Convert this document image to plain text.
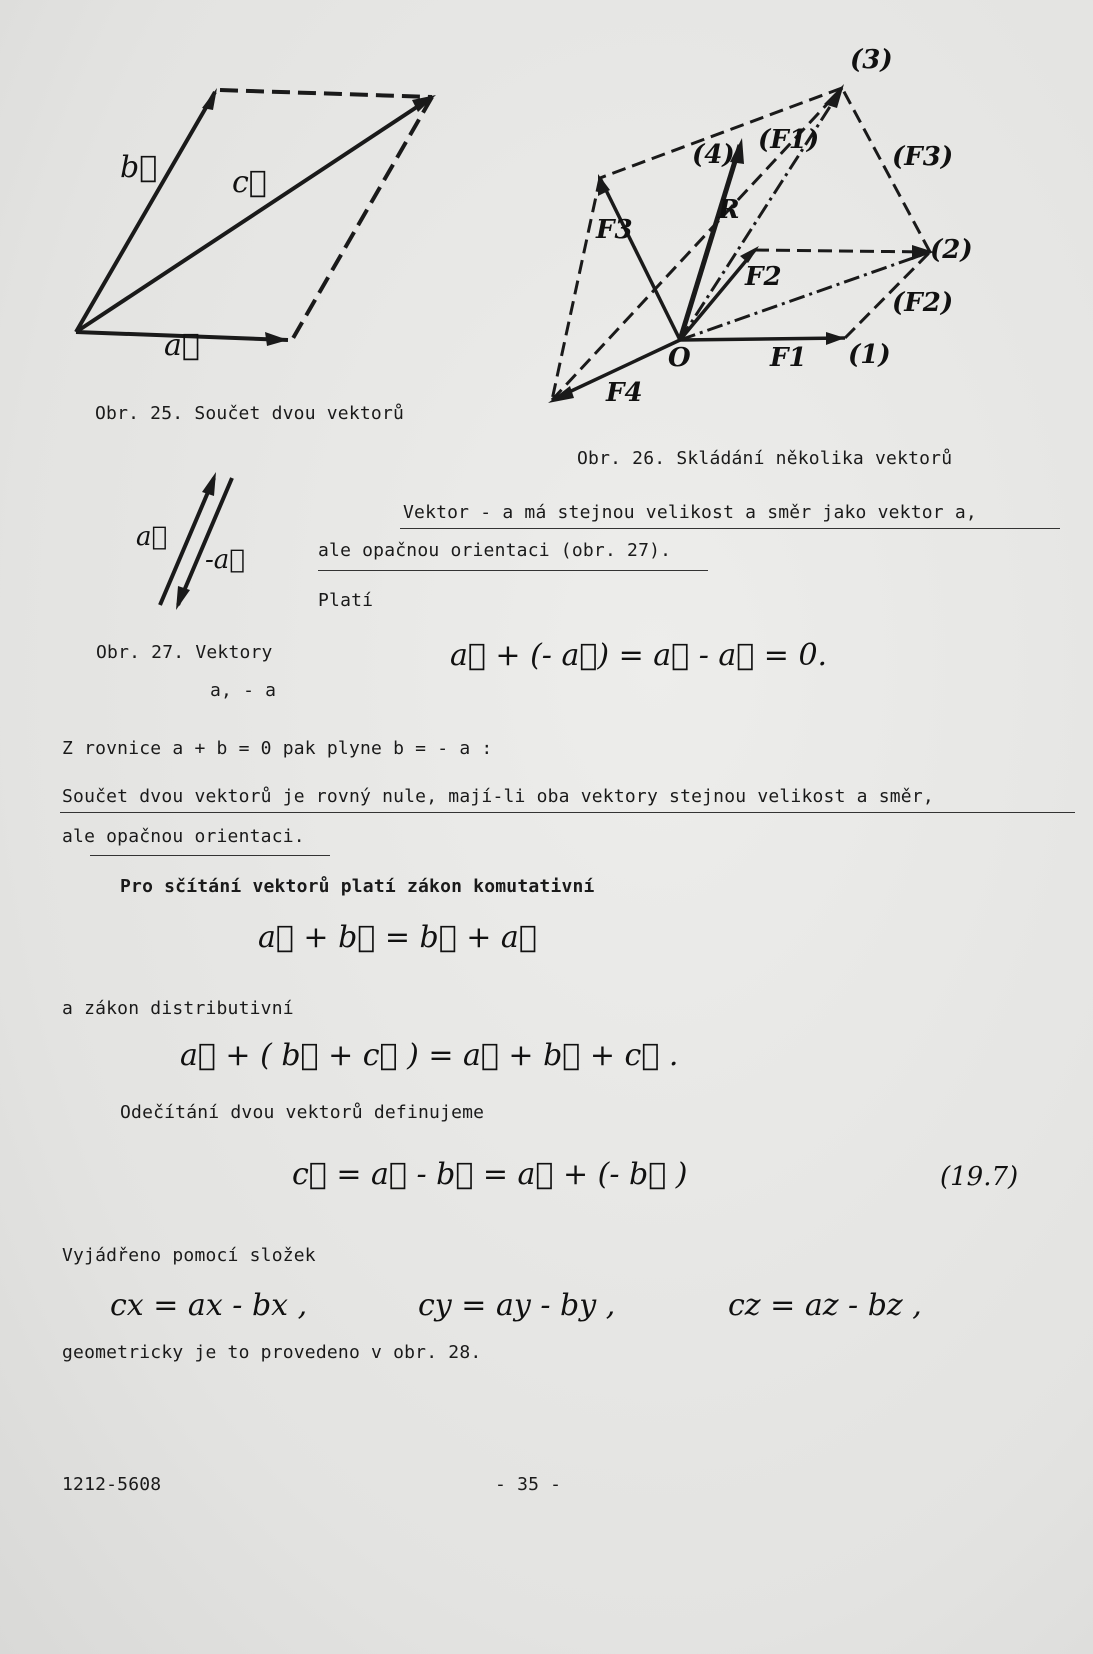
b⃗ c⃗
a⃗
Obr. 25. Součet dvou vektorů
(3)
(4) (F1)
(F3)
(2)
(F2)
(1)
F3
R
F2
O	F1
F4
Obr. 26. Skládání několika vektorů
a⃗
-a⃗
Obr. 27. Vektory
a, - a
Vektor - a má stejnou velikost a směr jako vektor a,
ale opačnou orientaci (obr. 27).
Platí
a⃗ + (- a⃗) = a⃗ - a⃗ = 0.
Z rovnice a + b = 0 pak plyne b = - a :
Součet dvou vektorů je rovný nule, mají-li oba vektory stejnou velikost a směr,
ale opačnou orientaci.
Pro sčítání vektorů platí zákon komutativní
a⃗ + b⃗ = b⃗ + a⃗
a zákon distributivní
a⃗ + ( b⃗ + c⃗ ) = a⃗ + b⃗ + c⃗ .
Odečítání dvou vektorů definujeme
c⃗ = a⃗ - b⃗ = a⃗ + (- b⃗ )	(19.7)
Vyjádřeno pomocí složek
cx = ax - bx ,	cy = ay - by ,	cz = az - bz ,
geometricky je to provedeno v obr. 28.
1212-5608	- 35 -
